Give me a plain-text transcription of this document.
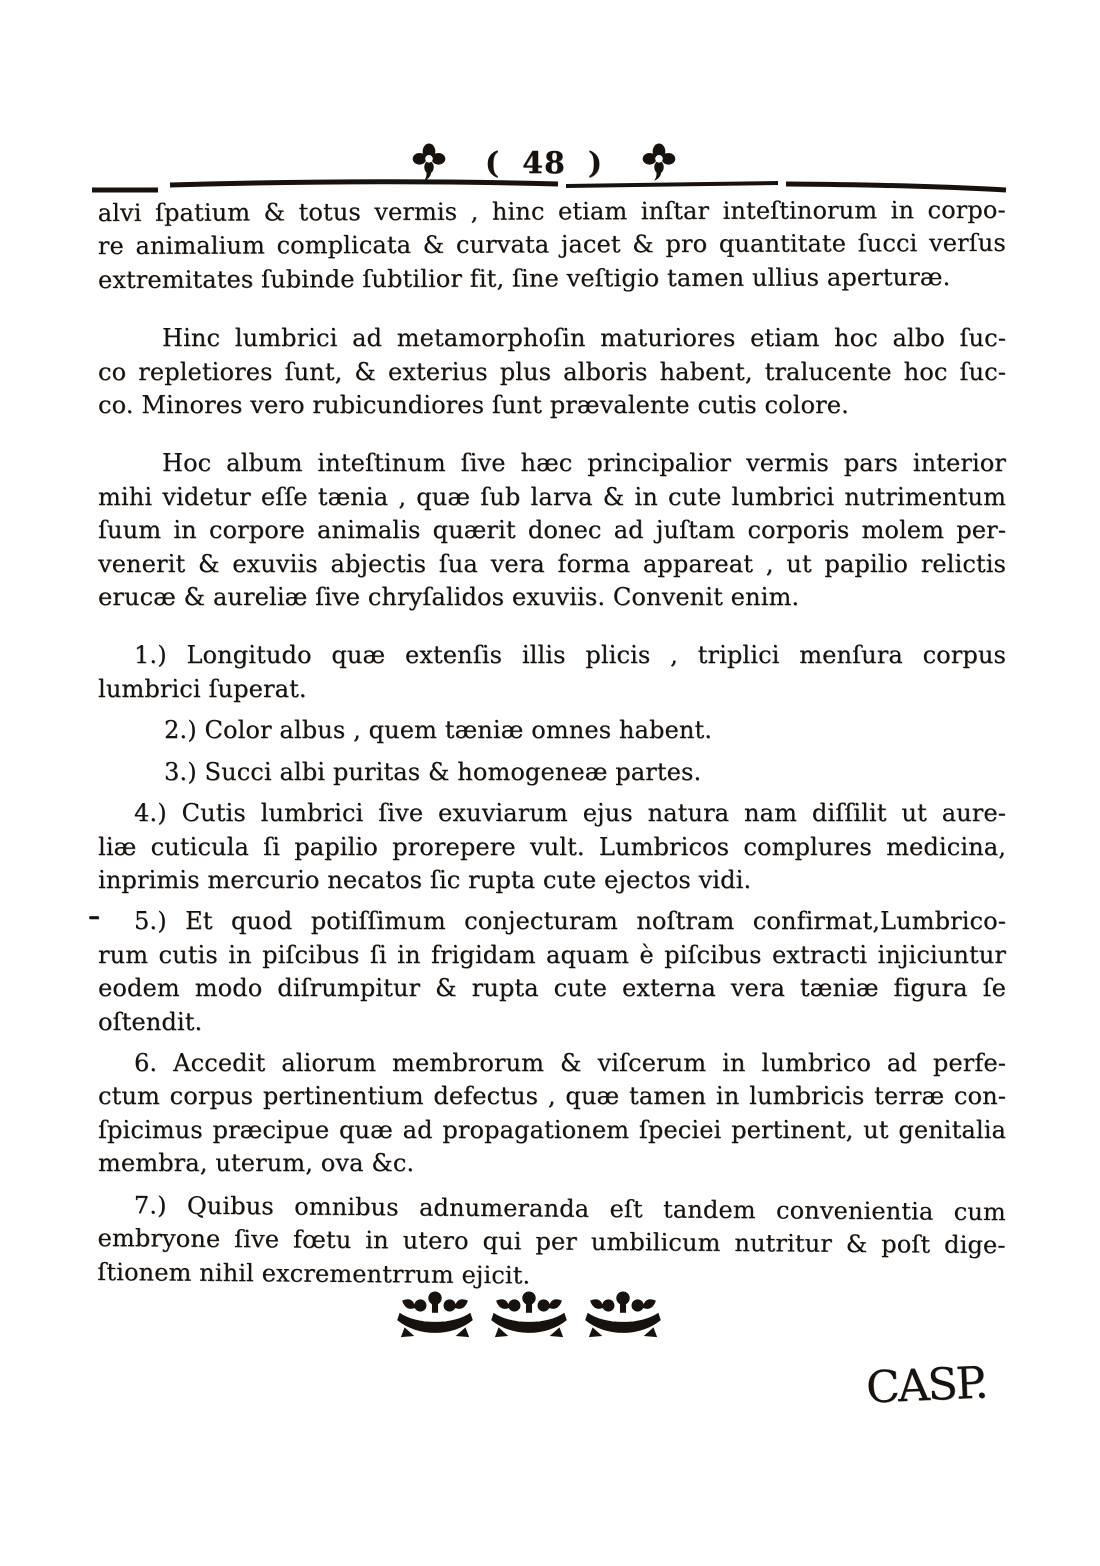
( 48 )
alvi ſpatium & totus vermis , hinc etiam inſtar inteſtinorum in corpo-
re animalium complicata & curvata jacet & pro quantitate ſucci verſus
extremitates ſubinde ſubtilior fit, ſine veſtigio tamen ullius aperturæ.
Hinc lumbrici ad metamorphoſin maturiores etiam hoc albo ſuc-
co repletiores ſunt, & exterius plus alboris habent, tralucente hoc ſuc-
co. Minores vero rubicundiores ſunt prævalente cutis colore.
Hoc album inteſtinum ſive hæc principalior vermis pars interior
mihi videtur eſſe tænia , quæ ſub larva & in cute lumbrici nutrimentum
ſuum in corpore animalis quærit donec ad juſtam corporis molem per-
venerit & exuviis abjectis ſua vera forma appareat , ut papilio relictis
erucæ & aureliæ ſive chryſalidos exuviis. Convenit enim.
1.) Longitudo quæ extenſis illis plicis , triplici menſura corpus
lumbrici ſuperat.
2.) Color albus , quem tæniæ omnes habent.
3.) Succi albi puritas & homogeneæ partes.
4.) Cutis lumbrici ſive exuviarum ejus natura nam diſſilit ut aure-
liæ cuticula ſi papilio prorepere vult. Lumbricos complures medicina,
inprimis mercurio necatos ſic rupta cute ejectos vidi.
–	5.) Et quod potiſſimum conjecturam noſtram confirmat,Lumbrico-
rum cutis in piſcibus ſi in frigidam aquam è piſcibus extracti injiciuntur
eodem modo diſrumpitur & rupta cute externa vera tæniæ figura ſe
oſtendit.
6. Accedit aliorum membrorum & viſcerum in lumbrico ad perfe-
ctum corpus pertinentium defectus , quæ tamen in lumbricis terræ con-
ſpicimus præcipue quæ ad propagationem ſpeciei pertinent, ut genitalia
membra, uterum, ova &c.
7.) Quibus omnibus adnumeranda eſt tandem convenientia cum
embryone ſive fœtu in utero qui per umbilicum nutritur & poſt dige-
ſtionem nihil excrementrrum ejicit.
CASP.
